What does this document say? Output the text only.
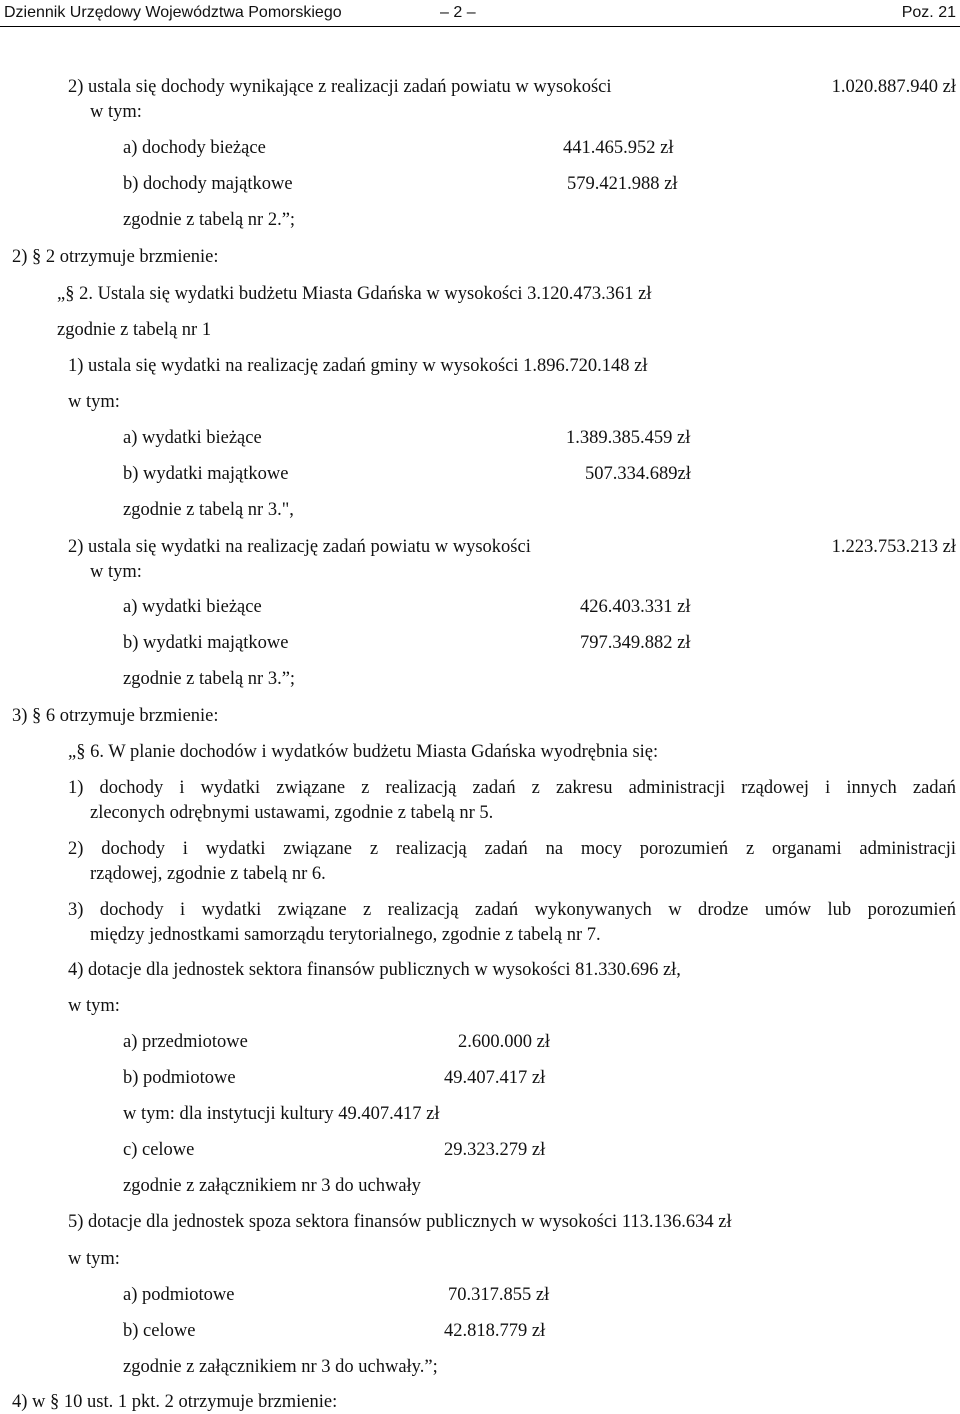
Dziennik Urzędowy Województwa Pomorskiego	– 2 –	Poz. 21
2) ustala się dochody wynikające z realizacji zadań powiatu w wysokości	1.020.887.940 zł
w tym:
a) dochody bieżące	441.465.952 zł
b) dochody majątkowe	579.421.988 zł
zgodnie z tabelą nr 2.”;
2) § 2 otrzymuje brzmienie:
„§ 2. Ustala się wydatki budżetu Miasta Gdańska w wysokości 3.120.473.361 zł
zgodnie z tabelą nr 1
1) ustala się wydatki na realizację zadań gminy w wysokości 1.896.720.148 zł
w tym:
a) wydatki bieżące	1.389.385.459 zł
b) wydatki majątkowe	507.334.689zł
zgodnie z tabelą nr 3.",
2) ustala się wydatki na realizację zadań powiatu w wysokości	1.223.753.213 zł
w tym:
a) wydatki bieżące	426.403.331 zł
b) wydatki majątkowe	797.349.882 zł
zgodnie z tabelą nr 3.”;
3) § 6 otrzymuje brzmienie:
„§ 6. W planie dochodów i wydatków budżetu Miasta Gdańska wyodrębnia się:
1) dochody i wydatki związane z realizacją zadań z zakresu administracji rządowej i innych zadań
zleconych odrębnymi ustawami, zgodnie z tabelą nr 5.
2) dochody i wydatki związane z realizacją zadań na mocy porozumień z organami administracji
rządowej, zgodnie z tabelą nr 6.
3) dochody i wydatki związane z realizacją zadań wykonywanych w drodze umów lub porozumień
między jednostkami samorządu terytorialnego, zgodnie z tabelą nr 7.
4) dotacje dla jednostek sektora finansów publicznych w wysokości 81.330.696 zł,
w tym:
a) przedmiotowe	2.600.000 zł
b) podmiotowe	49.407.417 zł
w tym: dla instytucji kultury 49.407.417 zł
c) celowe	29.323.279 zł
zgodnie z załącznikiem nr 3 do uchwały
5) dotacje dla jednostek spoza sektora finansów publicznych w wysokości 113.136.634 zł
w tym:
a) podmiotowe	70.317.855 zł
b) celowe	42.818.779 zł
zgodnie z załącznikiem nr 3 do uchwały.”;
4) w § 10 ust. 1 pkt. 2 otrzymuje brzmienie:
